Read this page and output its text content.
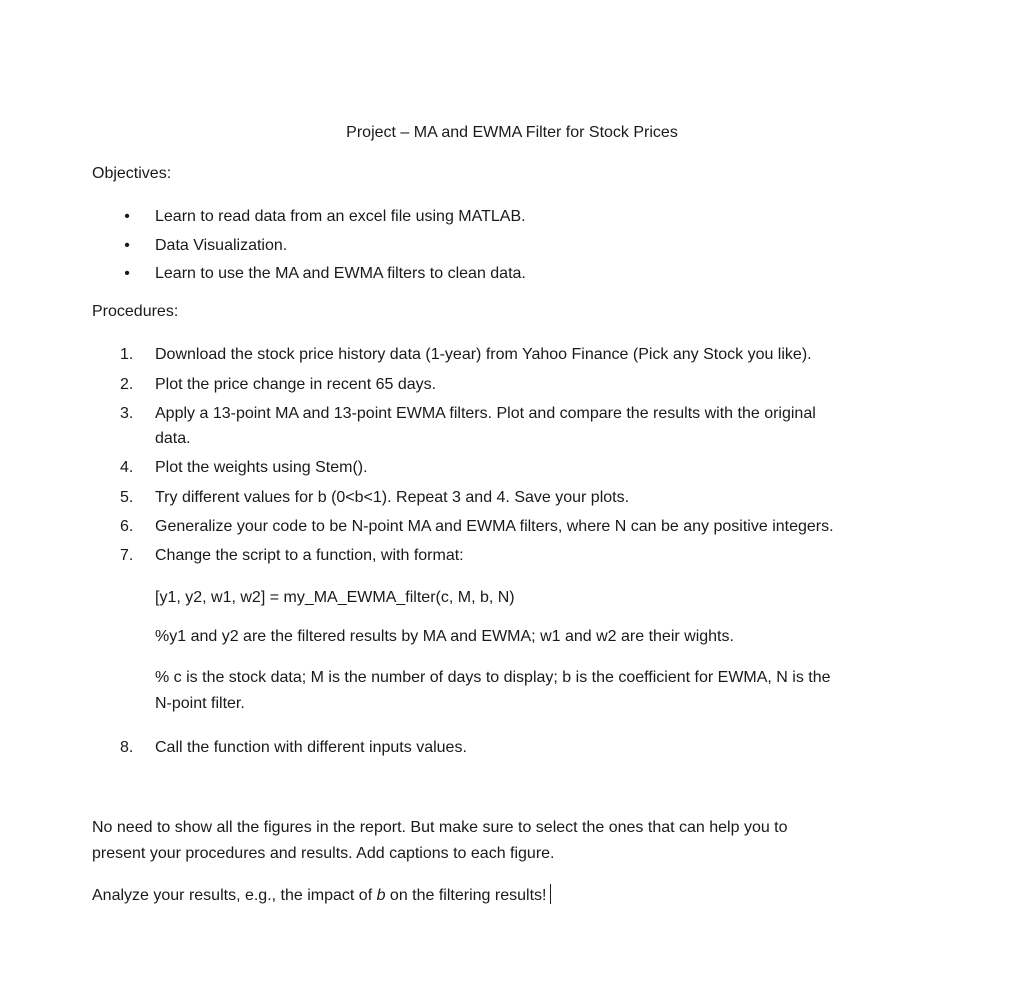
Project – MA and EWMA Filter for Stock Prices
Objectives:
• Learn to read data from an excel file using MATLAB.
• Data Visualization.
• Learn to use the MA and EWMA filters to clean data.
Procedures:
1.	Download the stock price history data (1-year) from Yahoo Finance (Pick any Stock you like).
2.	Plot the price change in recent 65 days.
3.	Apply a 13-point MA and 13-point EWMA filters. Plot and compare the results with the original
data.
4.	Plot the weights using Stem().
5.	Try different values for b (0<b<1). Repeat 3 and 4. Save your plots.
6.	Generalize your code to be N-point MA and EWMA filters, where N can be any positive integers.
7.	Change the script to a function, with format:
[y1, y2, w1, w2] = my_MA_EWMA_filter(c, M, b, N)
%y1 and y2 are the filtered results by MA and EWMA; w1 and w2 are their wights.
% c is the stock data; M is the number of days to display; b is the coefficient for EWMA, N is the
N-point filter.
8.	Call the function with different inputs values.
No need to show all the figures in the report. But make sure to select the ones that can help you to
present your procedures and results. Add captions to each figure.
Analyze your results, e.g., the impact of b on the filtering results!
